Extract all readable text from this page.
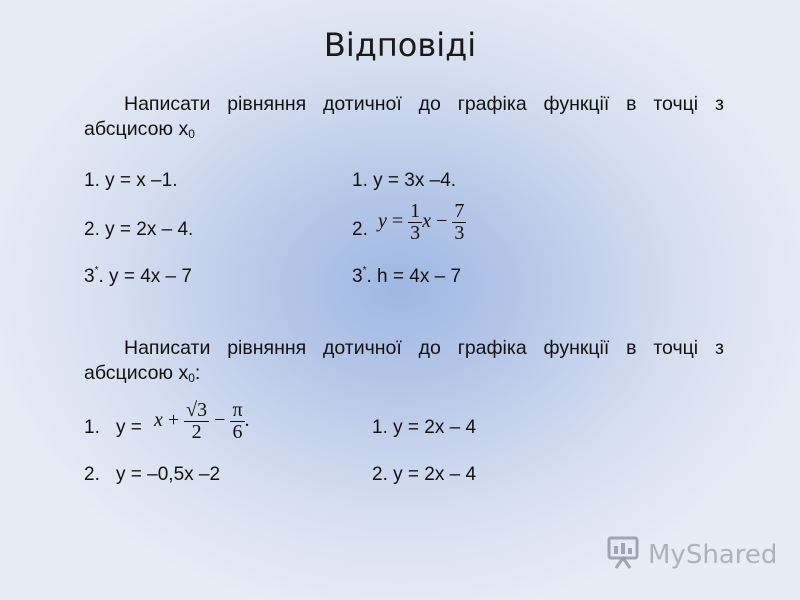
Відповіді
Написати рівняння дотичної до графіка функції в точці з
абсцисою $x_0$
1. y = x –1.
2. y = 2x – 4.
3*. y = 4x – 7
1. y = 3x –4.
2. $y = \frac{1}{3}$ $x - \frac{7}{3}$
3*. h = 4x – 7
Написати рівняння дотичної до графіка функції в точці з
абсцисою $x_0$:
1. $y = x + \frac{√3}{2} - \frac{\pi}{6}$ .
2. y = –0,5x –2
1. y = 2x – 4
2. y = 2x – 4
MyShared
